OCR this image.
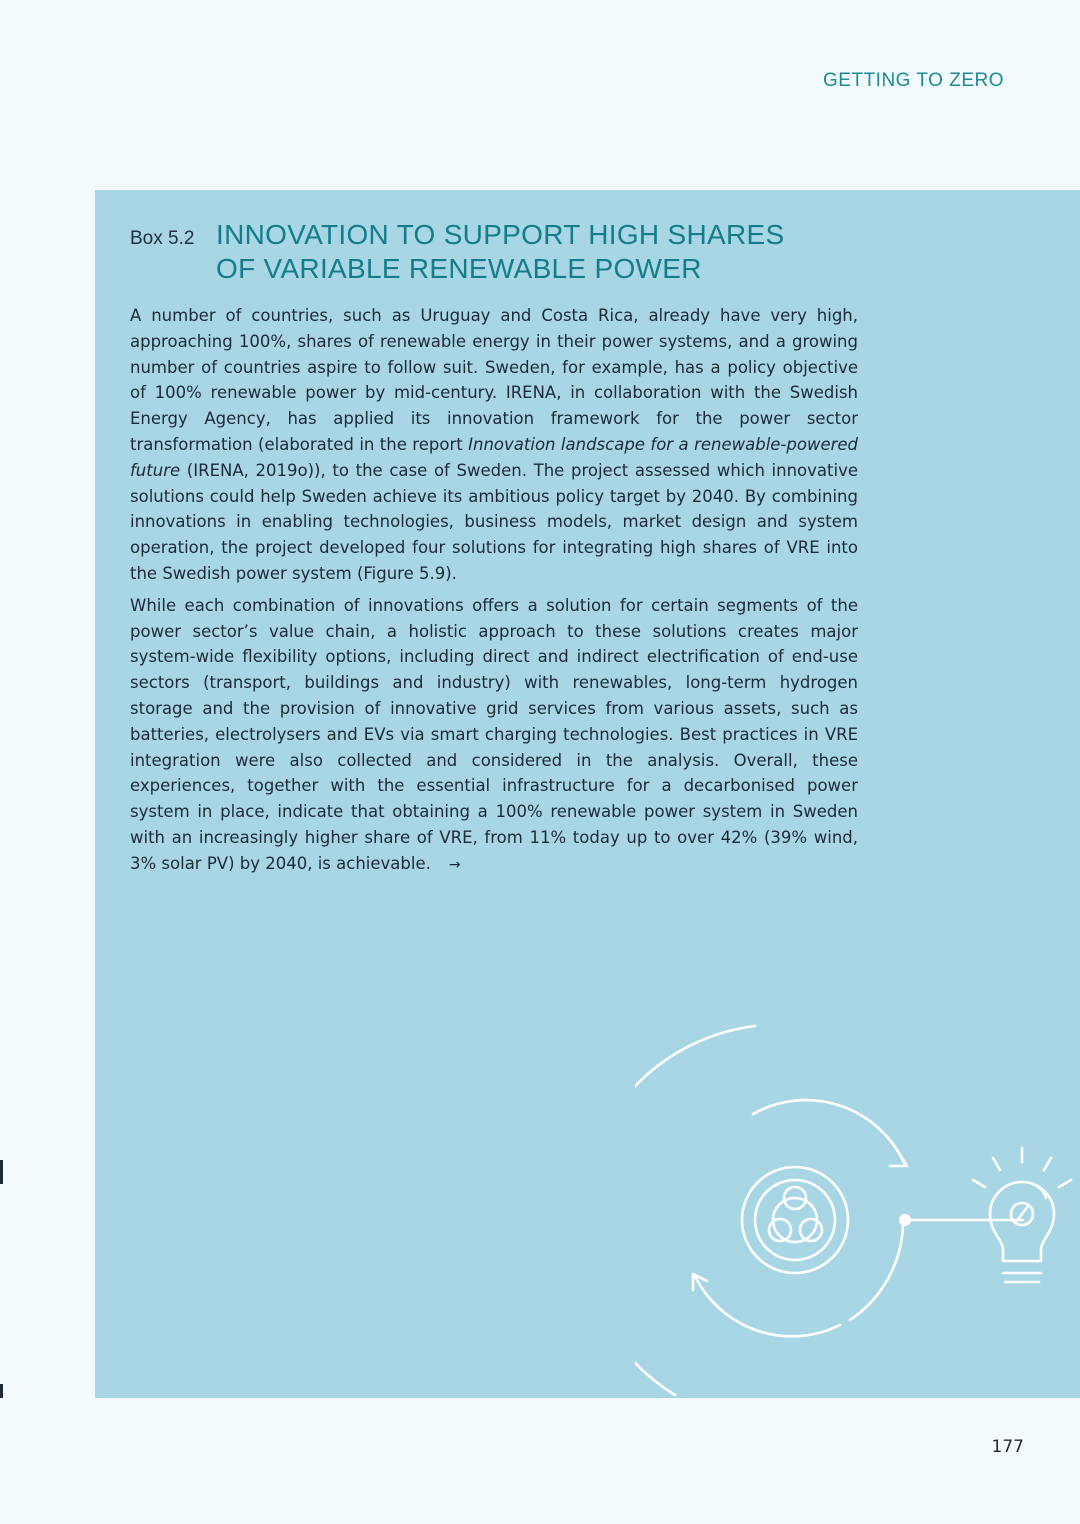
GETTING TO ZERO
Box 5.2 INNOVATION TO SUPPORT HIGH SHARES
OF VARIABLE RENEWABLE POWER

A number of countries, such as Uruguay and Costa Rica, already have very high, approaching 100%, shares of renewable energy in their power systems, and a growing number of countries aspire to follow suit. Sweden, for example, has a policy objective of 100% renewable power by mid-century. IRENA, in collaboration with the Swedish Energy Agency, has applied its innovation framework for the power sector transformation (elaborated in the report Innovation landscape for a renewable-powered future (IRENA, 2019o)), to the case of Sweden. The project assessed which innovative solutions could help Sweden achieve its ambitious policy target by 2040. By combining innovations in enabling technologies, business models, market design and system operation, the project developed four solutions for integrating high shares of VRE into the Swedish power system (Figure 5.9).

While each combination of innovations offers a solution for certain segments of the power sector’s value chain, a holistic approach to these solutions creates major system-wide flexibility options, including direct and indirect electrification of end-use sectors (transport, buildings and industry) with renewables, long-term hydrogen storage and the provision of innovative grid services from various assets, such as batteries, electrolysers and EVs via smart charging technologies. Best practices in VRE integration were also collected and considered in the analysis. Overall, these experiences, together with the essential infrastructure for a decarbonised power system in place, indicate that obtaining a 100% renewable power system in Sweden with an increasingly higher share of VRE, from 11% today up to over 42% (39% wind, 3% solar PV) by 2040, is achievable. →

177
